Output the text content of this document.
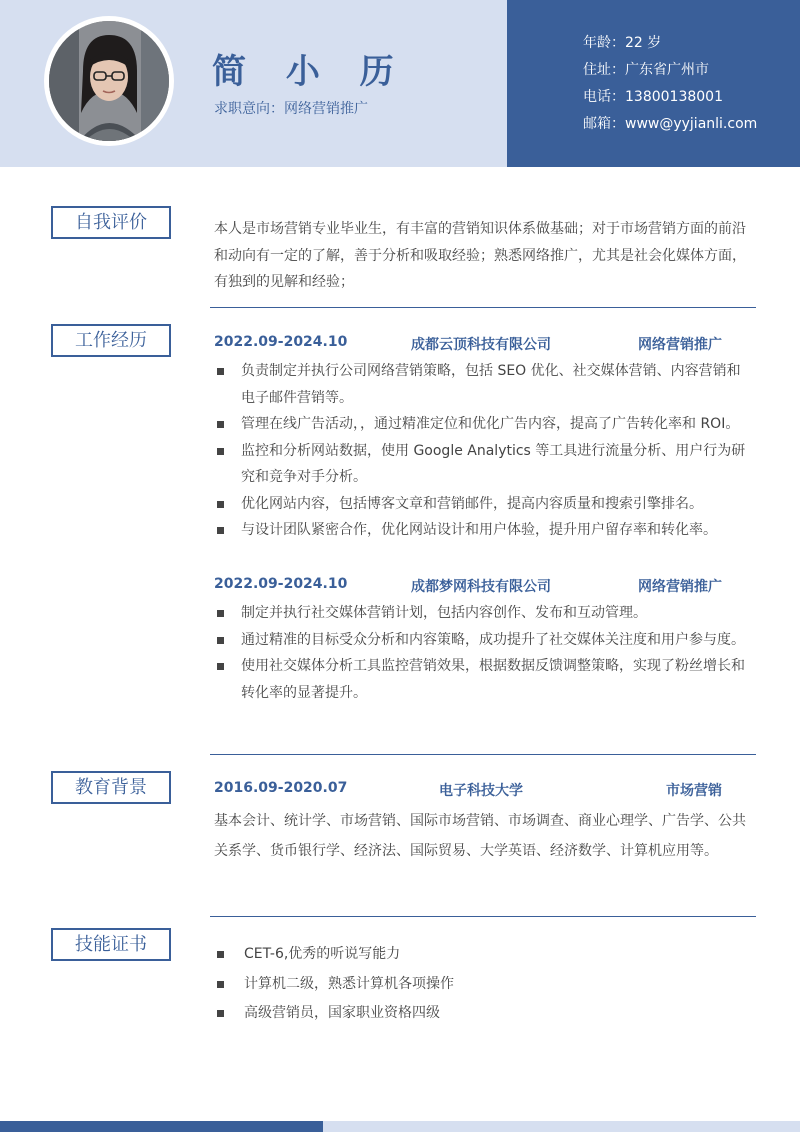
简 小 历
求职意向：网络营销推广
年龄：22 岁
住址：广东省广州市
电话：13800138001
邮箱：www@yyjianli.com
自我评价	本人是市场营销专业毕业生，有丰富的营销知识体系做基础；对于市场营销方面的前沿和动向有一定的了解，善于分析和吸取经验；熟悉网络推广，尤其是社会化媒体方面，有独到的见解和经验；
工作经历	2022.09-2024.10	成都云顶科技有限公司	网络营销推广
负责制定并执行公司网络营销策略，包括 SEO 优化、社交媒体营销、内容营销和电子邮件营销等。
管理在线广告活动，，通过精准定位和优化广告内容，提高了广告转化率和 ROI。
监控和分析网站数据，使用 Google Analytics 等工具进行流量分析、用户行为研究和竞争对手分析。
优化网站内容，包括博客文章和营销邮件，提高内容质量和搜索引擎排名。
与设计团队紧密合作，优化网站设计和用户体验，提升用户留存率和转化率。
2022.09-2024.10	成都梦网科技有限公司	网络营销推广
制定并执行社交媒体营销计划，包括内容创作、发布和互动管理。
通过精准的目标受众分析和内容策略，成功提升了社交媒体关注度和用户参与度。
使用社交媒体分析工具监控营销效果，根据数据反馈调整策略，实现了粉丝增长和转化率的显著提升。
教育背景	2016.09-2020.07	电子科技大学	市场营销
基本会计、统计学、市场营销、国际市场营销、市场调查、商业心理学、广告学、公共关系学、货币银行学、经济法、国际贸易、大学英语、经济数学、计算机应用等。
技能证书	CET-6,优秀的听说写能力
计算机二级，熟悉计算机各项操作
高级营销员，国家职业资格四级
